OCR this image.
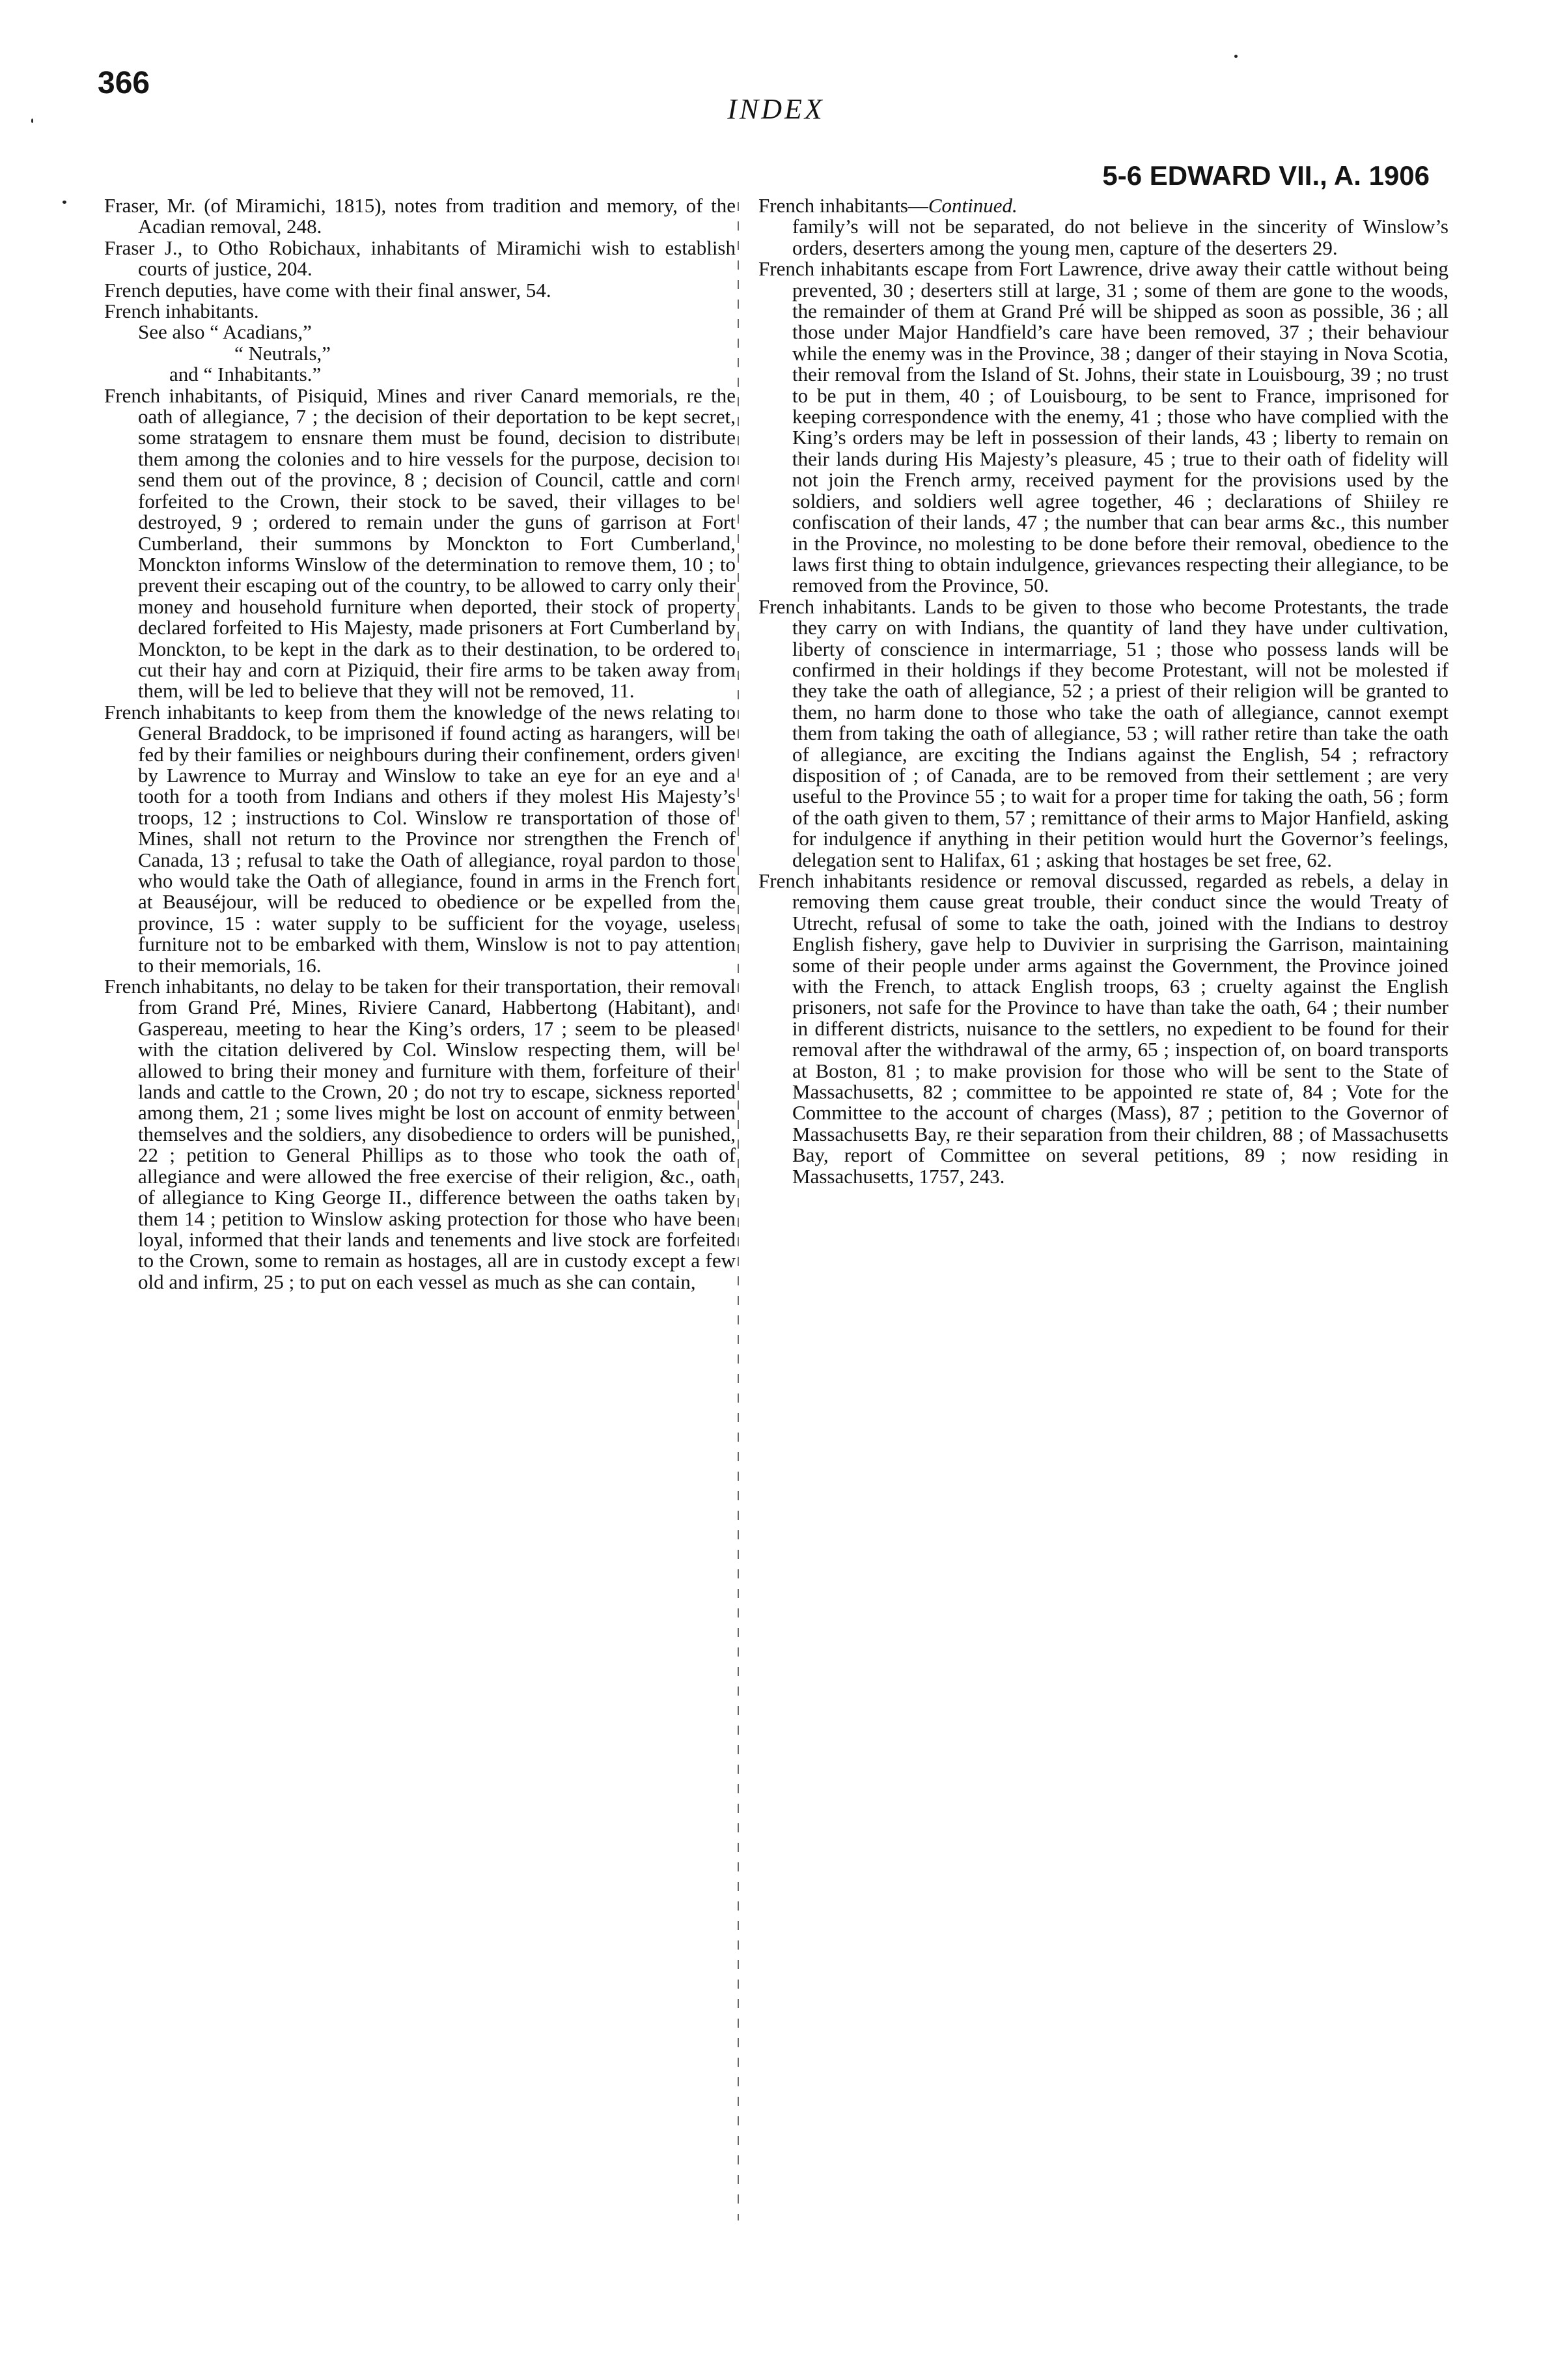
366

INDEX

5-6 EDWARD VII., A. 1906

Fraser, Mr. (of Miramichi, 1815), notes from tradition and memory, of the Acadian removal, 248.

Fraser J., to Otho Robichaux, inhabitants of Miramichi wish to establish courts of justice, 204.

French deputies, have come with their final answer, 54.

French inhabitants.

See also “ Acadians,”
“ Neutrals,”
and “ Inhabitants.”

French inhabitants, of Pisiquid, Mines and river Canard memorials, re the oath of allegiance, 7 ; the decision of their deportation to be kept secret, some stratagem to ensnare them must be found, decision to distribute them among the colonies and to hire vessels for the purpose, decision to send them out of the province, 8 ; decision of Council, cattle and corn forfeited to the Crown, their stock to be saved, their villages to be destroyed, 9 ; ordered to remain under the guns of garrison at Fort Cumberland, their summons by Monckton to Fort Cumberland, Monckton informs Winslow of the determination to remove them, 10 ; to prevent their escaping out of the country, to be allowed to carry only their money and household furniture when deported, their stock of property declared forfeited to His Majesty, made prisoners at Fort Cumberland by Monckton, to be kept in the dark as to their destination, to be ordered to cut their hay and corn at Piziquid, their fire arms to be taken away from them, will be led to believe that they will not be removed, 11.

French inhabitants to keep from them the knowledge of the news relating to General Braddock, to be imprisoned if found acting as harangers, will be fed by their families or neighbours during their confinement, orders given by Lawrence to Murray and Winslow to take an eye for an eye and a tooth for a tooth from Indians and others if they molest His Majesty’s troops, 12 ; instructions to Col. Winslow re transportation of those of Mines, shall not return to the Province nor strengthen the French of Canada, 13 ; refusal to take the Oath of allegiance, royal pardon to those who would take the Oath of allegiance, found in arms in the French fort at Beauséjour, will be reduced to obedience or be expelled from the province, 15 : water supply to be sufficient for the voyage, useless furniture not to be embarked with them, Winslow is not to pay attention to their memorials, 16.

French inhabitants, no delay to be taken for their transportation, their removal from Grand Pré, Mines, Riviere Canard, Habbertong (Habitant), and Gaspereau, meeting to hear the King’s orders, 17 ; seem to be pleased with the citation delivered by Col. Winslow respecting them, will be allowed to bring their money and furniture with them, forfeiture of their lands and cattle to the Crown, 20 ; do not try to escape, sickness reported among them, 21 ; some lives might be lost on account of enmity between themselves and the soldiers, any disobedience to orders will be punished, 22 ; petition to General Phillips as to those who took the oath of allegiance and were allowed the free exercise of their religion, &c., oath of allegiance to King George II., difference between the oaths taken by them 14 ; petition to Winslow asking protection for those who have been loyal, informed that their lands and tenements and live stock are forfeited to the Crown, some to remain as hostages, all are in custody except a few old and infirm, 25 ; to put on each vessel as much as she can contain,

French inhabitants—Continued.
family’s will not be separated, do not believe in the sincerity of Winslow’s orders, deserters among the young men, capture of the deserters 29.

French inhabitants escape from Fort Lawrence, drive away their cattle without being prevented, 30 ; deserters still at large, 31 ; some of them are gone to the woods, the remainder of them at Grand Pré will be shipped as soon as possible, 36 ; all those under Major Handfield’s care have been removed, 37 ; their behaviour while the enemy was in the Province, 38 ; danger of their staying in Nova Scotia, their removal from the Island of St. Johns, their state in Louisbourg, 39 ; no trust to be put in them, 40 ; of Louisbourg, to be sent to France, imprisoned for keeping correspondence with the enemy, 41 ; those who have complied with the King’s orders may be left in possession of their lands, 43 ; liberty to remain on their lands during His Majesty’s pleasure, 45 ; true to their oath of fidelity will not join the French army, received payment for the provisions used by the soldiers, and soldiers well agree together, 46 ; declarations of Shiiley re confiscation of their lands, 47 ; the number that can bear arms &c., this number in the Province, no molesting to be done before their removal, obedience to the laws first thing to obtain indulgence, grievances respecting their allegiance, to be removed from the Province, 50.

French inhabitants. Lands to be given to those who become Protestants, the trade they carry on with Indians, the quantity of land they have under cultivation, liberty of conscience in intermarriage, 51 ; those who possess lands will be confirmed in their holdings if they become Protestant, will not be molested if they take the oath of allegiance, 52 ; a priest of their religion will be granted to them, no harm done to those who take the oath of allegiance, cannot exempt them from taking the oath of allegiance, 53 ; will rather retire than take the oath of allegiance, are exciting the Indians against the English, 54 ; refractory disposition of ; of Canada, are to be removed from their settlement ; are very useful to the Province 55 ; to wait for a proper time for taking the oath, 56 ; form of the oath given to them, 57 ; remittance of their arms to Major Hanfield, asking for indulgence if anything in their petition would hurt the Governor’s feelings, delegation sent to Halifax, 61 ; asking that hostages be set free, 62.

French inhabitants residence or removal discussed, regarded as rebels, a delay in removing them cause great trouble, their conduct since the would Treaty of Utrecht, refusal of some to take the oath, joined with the Indians to destroy English fishery, gave help to Duvivier in surprising the Garrison, maintaining some of their people under arms against the Government, the Province joined with the French, to attack English troops, 63 ; cruelty against the English prisoners, not safe for the Province to have than take the oath, 64 ; their number in different districts, nuisance to the settlers, no expedient to be found for their removal after the withdrawal of the army, 65 ; inspection of, on board transports at Boston, 81 ; to make provision for those who will be sent to the State of Massachusetts, 82 ; committee to be appointed re state of, 84 ; Vote for the Committee to the account of charges (Mass), 87 ; petition to the Governor of Massachusetts Bay, re their separation from their children, 88 ; of Massachusetts Bay, report of Committee on several petitions, 89 ; now residing in Massachusetts, 1757, 243.
